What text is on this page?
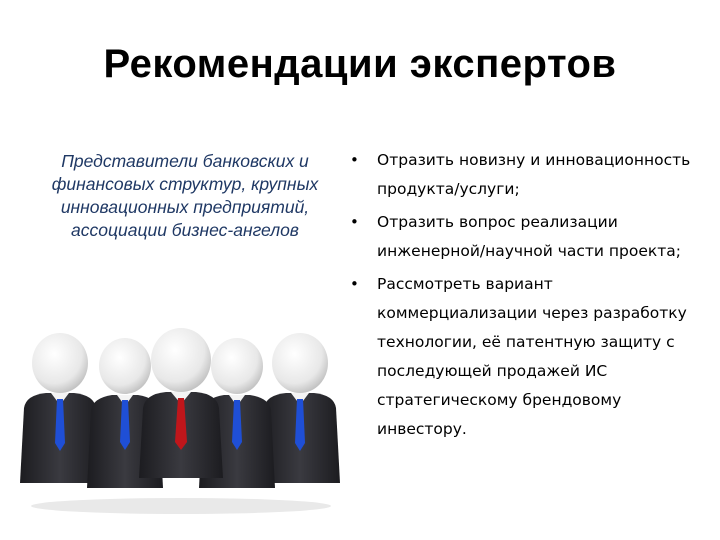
Рекомендации экспертов
Представители банковских и финансовых структур, крупных инновационных предприятий, ассоциации бизнес-ангелов
• Отразить новизну и инновационность продукта/услуги;
• Отразить вопрос реализации инженерной/научной части проекта;
• Рассмотреть вариант коммерциализации через разработку технологии, её патентную защиту с последующей продажей ИС стратегическому брендовому инвестору.
